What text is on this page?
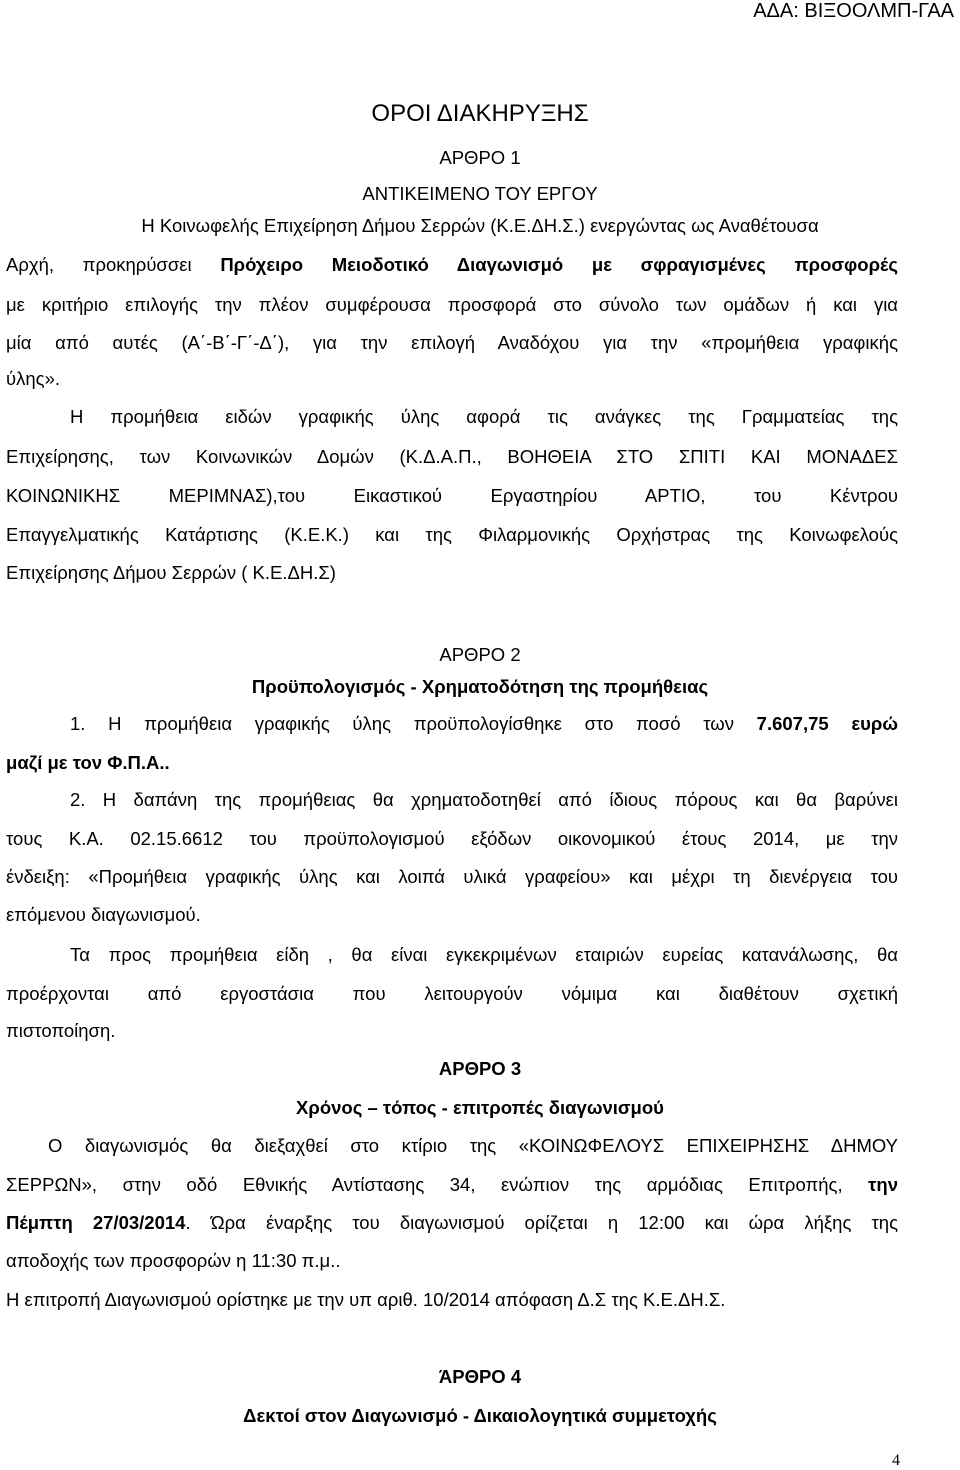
ΑΔΑ: ΒΙΞΟΟΛΜΠ-ΓΑΑ
ΟΡΟΙ ΔΙΑΚΗΡΥΞΗΣ
ΑΡΘΡΟ 1
ΑΝΤΙΚΕΙΜΕΝΟ ΤΟΥ ΕΡΓΟΥ
Η Κοινωφελής Επιχείρηση Δήμου Σερρών (Κ.Ε.ΔΗ.Σ.) ενεργώντας ως Αναθέτουσα
Αρχή, προκηρύσσει Πρόχειρο Μειοδοτικό Διαγωνισμό με σφραγισμένες προσφορές
με κριτήριο επιλογής την πλέον συμφέρουσα προσφορά στο σύνολο των ομάδων ή και για
μία από αυτές (Α΄-Β΄-Γ΄-Δ΄), για την επιλογή Αναδόχου για την «προμήθεια γραφικής
ύλης».
Η προμήθεια ειδών γραφικής ύλης αφορά τις ανάγκες της Γραμματείας της
Επιχείρησης, των Κοινωνικών Δομών (Κ.Δ.Α.Π., ΒΟΗΘΕΙΑ ΣΤΟ ΣΠΙΤΙ ΚΑΙ ΜΟΝΑΔΕΣ
ΚΟΙΝΩΝΙΚΗΣ ΜΕΡΙΜΝΑΣ),του Εικαστικού Εργαστηρίου ΑΡΤΙΟ, του Κέντρου
Επαγγελματικής Κατάρτισης (Κ.Ε.Κ.) και της Φιλαρμονικής Ορχήστρας της Κοινωφελούς
Επιχείρησης Δήμου Σερρών ( Κ.Ε.ΔΗ.Σ)
ΑΡΘΡΟ 2
Προϋπολογισμός - Χρηματοδότηση της προμήθειας
1. Η προμήθεια γραφικής ύλης προϋπολογίσθηκε στο ποσό των 7.607,75 ευρώ
μαζί με τον Φ.Π.Α..
2. Η δαπάνη της προμήθειας θα χρηματοδοτηθεί από ίδιους πόρους και θα βαρύνει
τους Κ.Α. 02.15.6612 του προϋπολογισμού εξόδων οικονομικού έτους 2014, με την
ένδειξη: «Προμήθεια γραφικής ύλης και λοιπά υλικά γραφείου» και μέχρι τη διενέργεια του
επόμενου διαγωνισμού.
Τα προς προμήθεια είδη , θα είναι εγκεκριμένων εταιριών ευρείας κατανάλωσης, θα
προέρχονται από εργοστάσια που λειτουργούν νόμιμα και διαθέτουν σχετική
πιστοποίηση.
ΑΡΘΡΟ 3
Χρόνος – τόπος - επιτροπές διαγωνισμού
Ο διαγωνισμός θα διεξαχθεί στο κτίριο της «ΚΟΙΝΩΦΕΛΟΥΣ ΕΠΙΧΕΙΡΗΣΗΣ ΔΗΜΟΥ
ΣΕΡΡΩΝ», στην οδό Εθνικής Αντίστασης 34, ενώπιον της αρμόδιας Επιτροπής, την
Πέμπτη 27/03/2014. Ώρα έναρξης του διαγωνισμού ορίζεται η 12:00 και ώρα λήξης της
αποδοχής των προσφορών η 11:30 π.μ..
Η επιτροπή Διαγωνισμού ορίστηκε με την υπ αριθ. 10/2014 απόφαση Δ.Σ της Κ.Ε.ΔΗ.Σ.
ΆΡΘΡΟ 4
Δεκτοί στον Διαγωνισμό - Δικαιολογητικά συμμετοχής
4
